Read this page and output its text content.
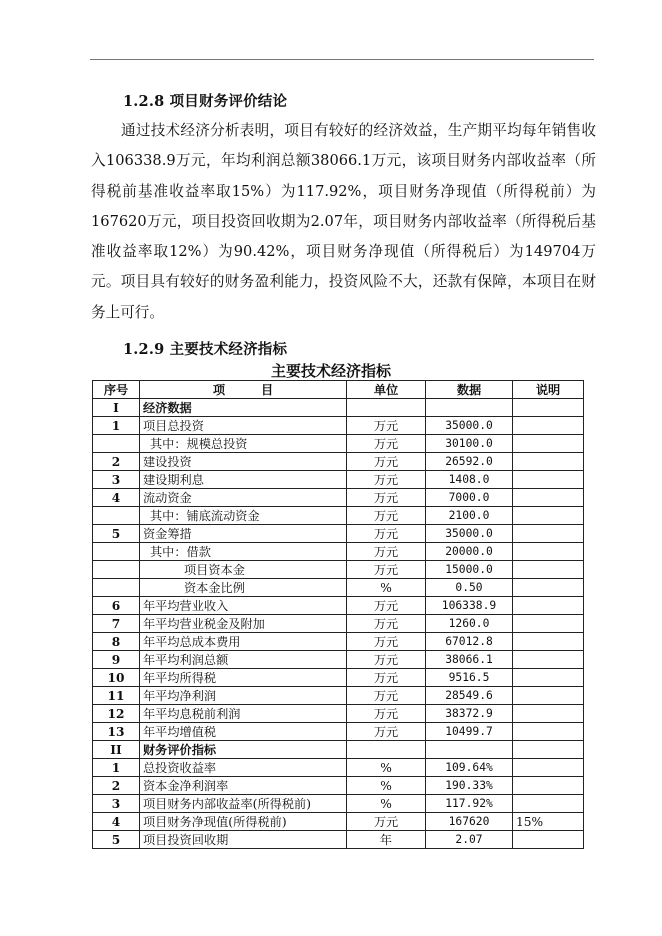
1.2.8 项目财务评价结论

通过技术经济分析表明，项目有较好的经济效益，生产期平均每年销售收入106338.9万元，年均利润总额38066.1万元，该项目财务内部收益率（所得税前基准收益率取15%）为117.92%，项目财务净现值（所得税前）为167620万元，项目投资回收期为2.07年，项目财务内部收益率（所得税后基准收益率取12%）为90.42%，项目财务净现值（所得税后）为149704万元。项目具有较好的财务盈利能力，投资风险不大，还款有保障，本项目在财务上可行。

1.2.9 主要技术经济指标
主要技术经济指标
序号	项目	单位	数据	说明
I	经济数据			
1	项目总投资	万元	35000.0	
	其中：规模总投资	万元	30100.0	
2	建设投资	万元	26592.0	
3	建设期利息	万元	1408.0	
4	流动资金	万元	7000.0	
	其中：铺底流动资金	万元	2100.0	
5	资金筹措	万元	35000.0	
	其中：借款	万元	20000.0	
	项目资本金	万元	15000.0	
	资本金比例	%	0.50	
6	年平均营业收入	万元	106338.9	
7	年平均营业税金及附加	万元	1260.0	
8	年平均总成本费用	万元	67012.8	
9	年平均利润总额	万元	38066.1	
10	年平均所得税	万元	9516.5	
11	年平均净利润	万元	28549.6	
12	年平均息税前利润	万元	38372.9	
13	年平均增值税	万元	10499.7	
II	财务评价指标			
1	总投资收益率	%	109.64%	
2	资本金净利润率	%	190.33%	
3	项目财务内部收益率(所得税前)	%	117.92%	
4	项目财务净现值(所得税前)	万元	167620	15%
5	项目投资回收期	年	2.07	
